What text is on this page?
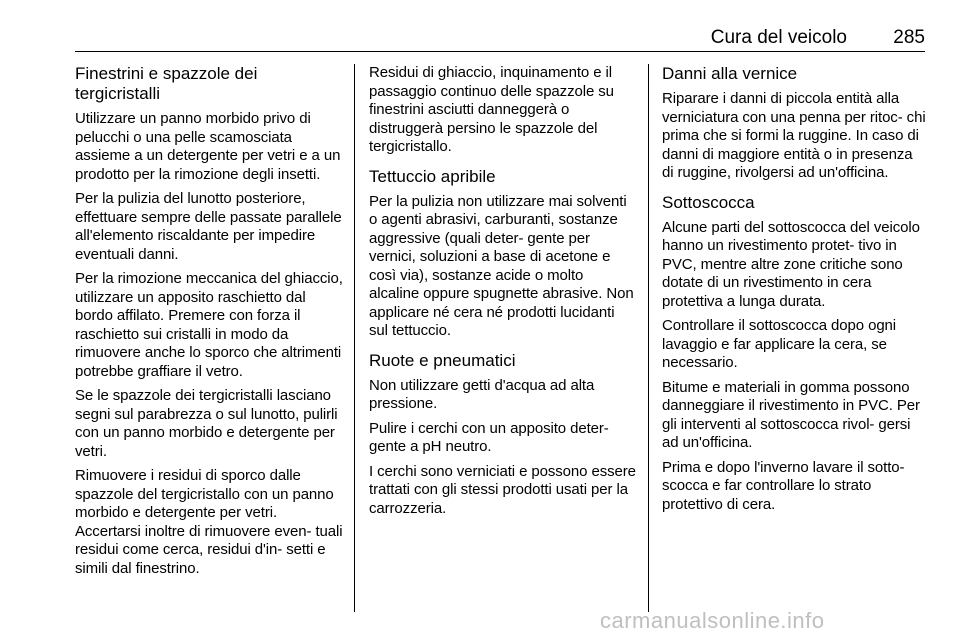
Cura del veicolo 285
Finestrini e spazzole dei tergicristalli

Utilizzare un panno morbido privo di pelucchi o una pelle scamosciata assieme a un detergente per vetri e a un prodotto per la rimozione degli insetti.

Per la pulizia del lunotto posteriore, effettuare sempre delle passate parallele all'elemento riscaldante per impedire eventuali danni.

Per la rimozione meccanica del ghiaccio, utilizzare un apposito raschietto dal bordo affilato. Premere con forza il raschietto sui cristalli in modo da rimuovere anche lo sporco che altrimenti potrebbe graffiare il vetro.

Se le spazzole dei tergicristalli lasciano segni sul parabrezza o sul lunotto, pulirli con un panno morbido e detergente per vetri.

Rimuovere i residui di sporco dalle spazzole del tergicristallo con un panno morbido e detergente per vetri. Accertarsi inoltre di rimuovere even- tuali residui come cerca, residui d'in- setti e simili dal finestrino.

Residui di ghiaccio, inquinamento e il passaggio continuo delle spazzole su finestrini asciutti danneggerà o distruggerà persino le spazzole del tergicristallo.

Tettuccio apribile

Per la pulizia non utilizzare mai solventi o agenti abrasivi, carburanti, sostanze aggressive (quali deter- gente per vernici, soluzioni a base di acetone e così via), sostanze acide o molto alcaline oppure spugnette abrasive. Non applicare né cera né prodotti lucidanti sul tettuccio.

Ruote e pneumatici

Non utilizzare getti d'acqua ad alta pressione.

Pulire i cerchi con un apposito deter- gente a pH neutro.

I cerchi sono verniciati e possono essere trattati con gli stessi prodotti usati per la carrozzeria.

Danni alla vernice

Riparare i danni di piccola entità alla verniciatura con una penna per ritoc- chi prima che si formi la ruggine. In caso di danni di maggiore entità o in presenza di ruggine, rivolgersi ad un'officina.

Sottoscocca

Alcune parti del sottoscocca del veicolo hanno un rivestimento protet- tivo in PVC, mentre altre zone critiche sono dotate di un rivestimento in cera protettiva a lunga durata.

Controllare il sottoscocca dopo ogni lavaggio e far applicare la cera, se necessario.

Bitume e materiali in gomma possono danneggiare il rivestimento in PVC. Per gli interventi al sottoscocca rivol- gersi ad un'officina.

Prima e dopo l'inverno lavare il sotto- scocca e far controllare lo strato protettivo di cera.

carmanualsonline.info
